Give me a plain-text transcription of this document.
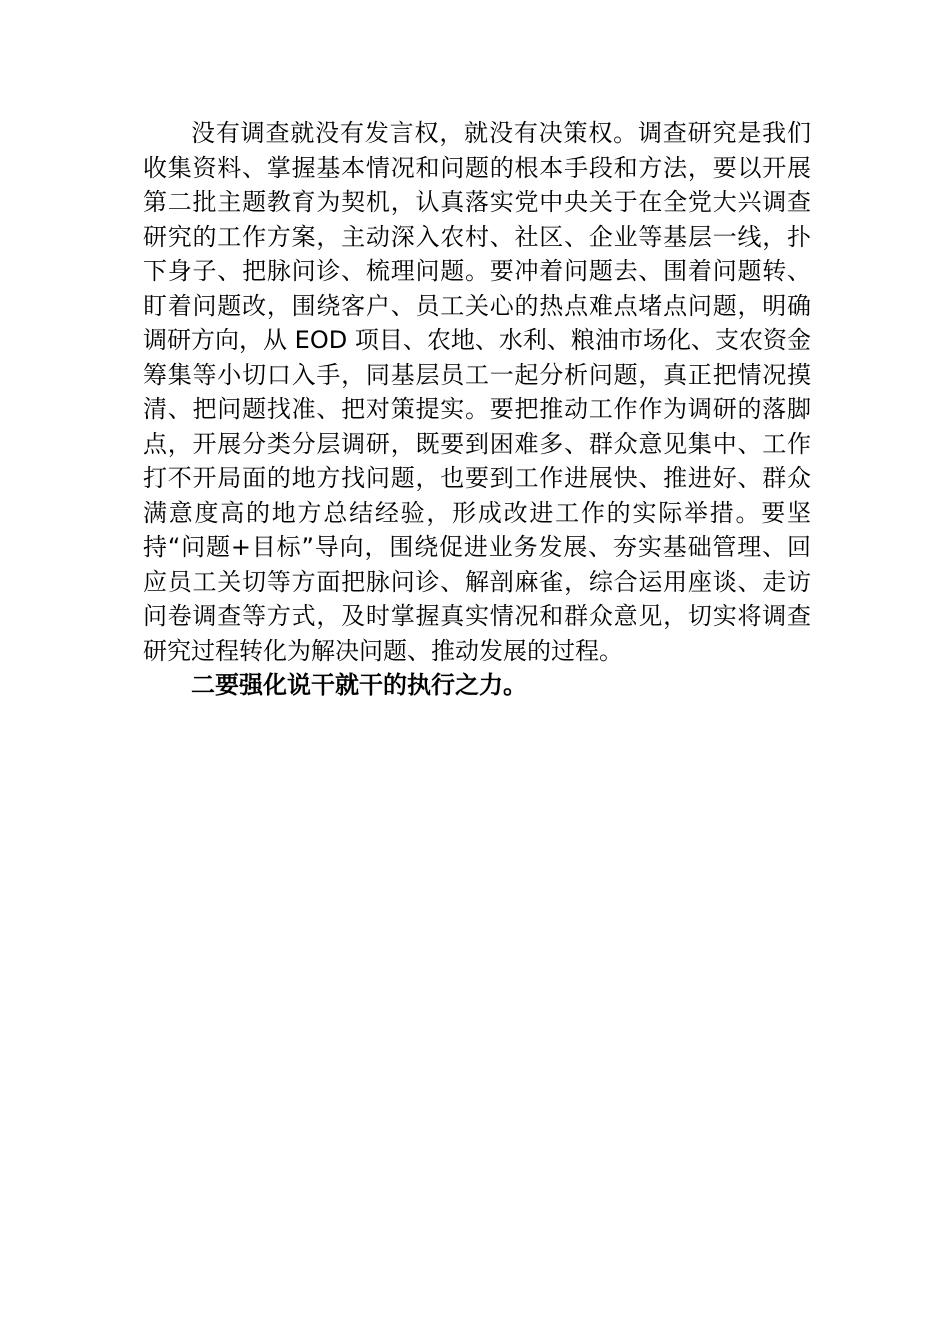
没有调查就没有发言权，就没有决策权。调查研究是我们收集资料、掌握基本情况和问题的根本手段和方法，要以开展第二批主题教育为契机，认真落实党中央关于在全党大兴调查研究的工作方案，主动深入农村、社区、企业等基层一线，扑下身子、把脉问诊、梳理问题。要冲着问题去、围着问题转、盯着问题改，围绕客户、员工关心的热点难点堵点问题，明确调研方向，从 EOD 项目、农地、水利、粮油市场化、支农资金筹集等小切口入手，同基层员工一起分析问题，真正把情况摸清、把问题找准、把对策提实。要把推动工作作为调研的落脚点，开展分类分层调研，既要到困难多、群众意见集中、工作打不开局面的地方找问题，也要到工作进展快、推进好、群众满意度高的地方总结经验，形成改进工作的实际举措。要坚持“问题+目标”导向，围绕促进业务发展、夯实基础管理、回应员工关切等方面把脉问诊、解剖麻雀，综合运用座谈、走访问卷调查等方式，及时掌握真实情况和群众意见，切实将调查研究过程转化为解决问题、推动发展的过程。

二要强化说干就干的执行之力。
